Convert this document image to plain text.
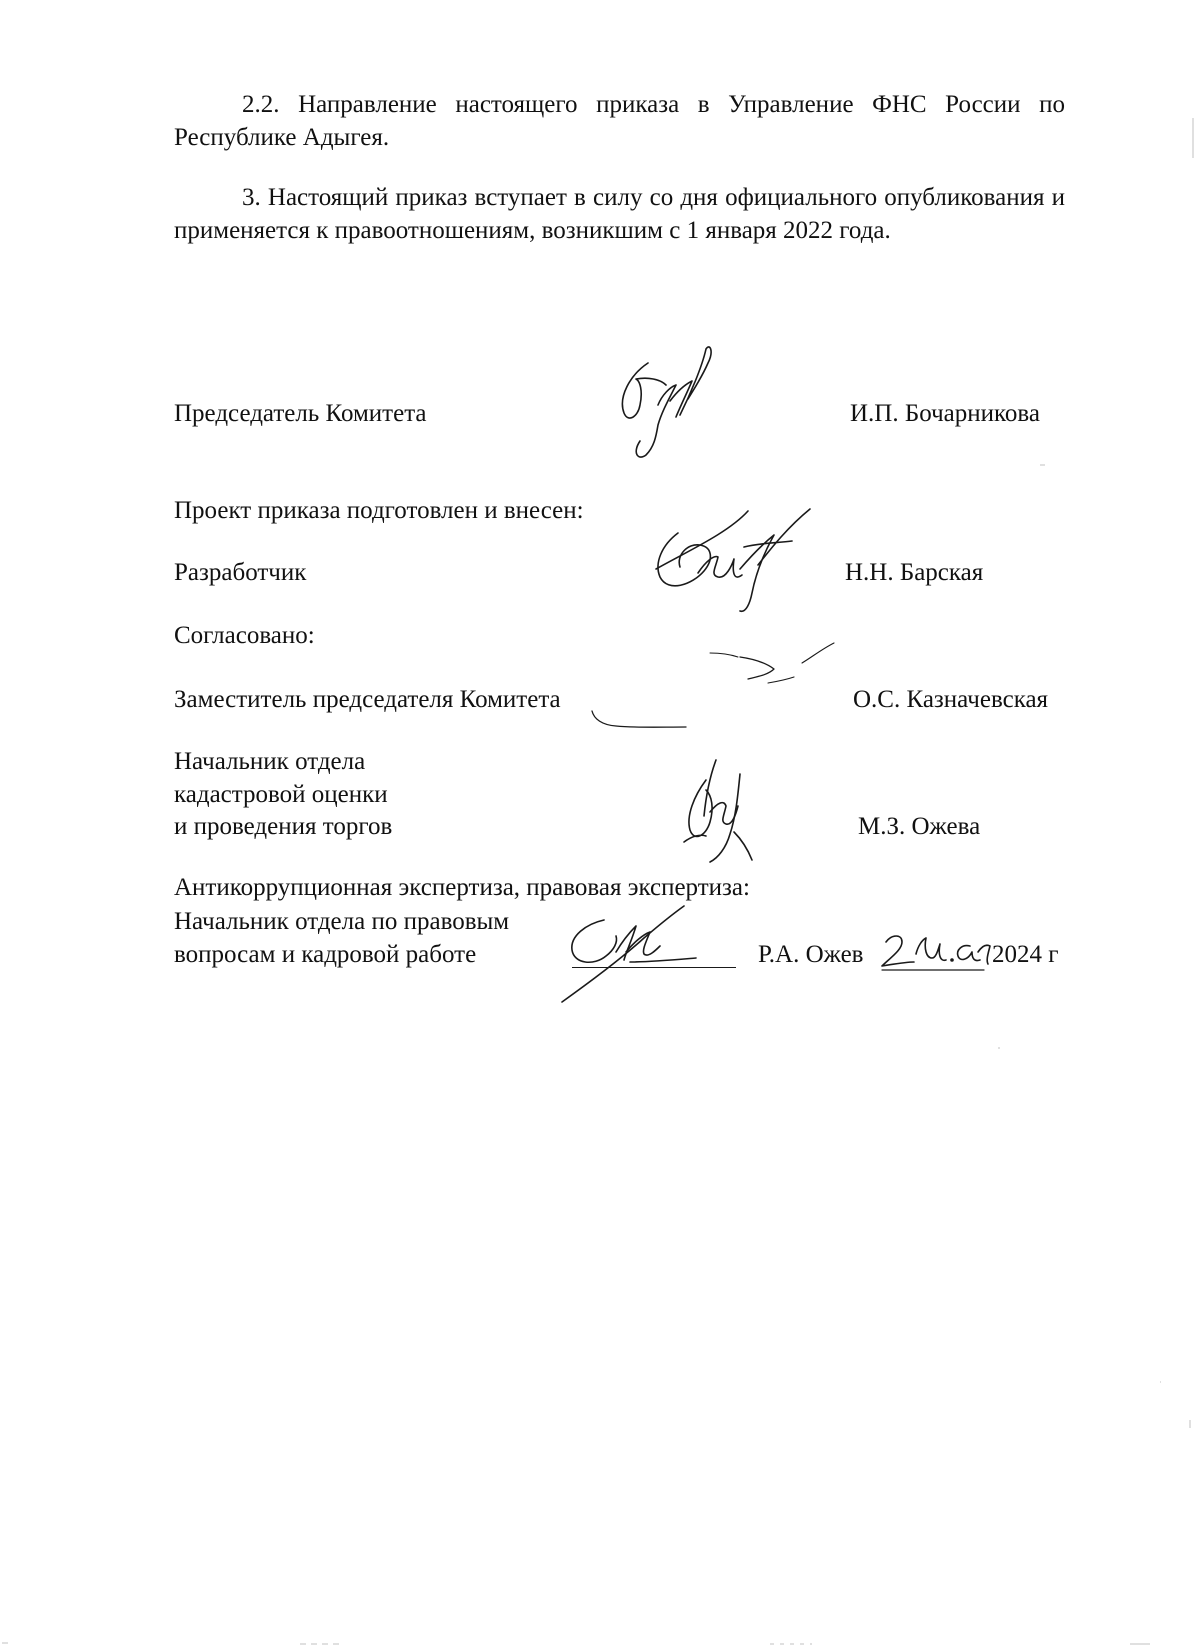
2.2. Направление настоящего приказа в Управление ФНС России по Республике Адыгея.

3. Настоящий приказ вступает в силу со дня официального опубликования и применяется к правоотношениям, возникшим с 1 января 2022 года.

Председатель Комитета	И.П. Бочарникова
Проект приказа подготовлен и внесен:
Разработчик	Н.Н. Барская
Согласовано:
Заместитель председателя Комитета	О.С. Казначевская
Начальник отдела
кадастровой оценки
и проведения торгов	М.З. Ожева
Антикоррупционная экспертиза, правовая экспертиза:
Начальник отдела по правовым
вопросам и кадровой работе	Р.А. Ожев	2024 г
